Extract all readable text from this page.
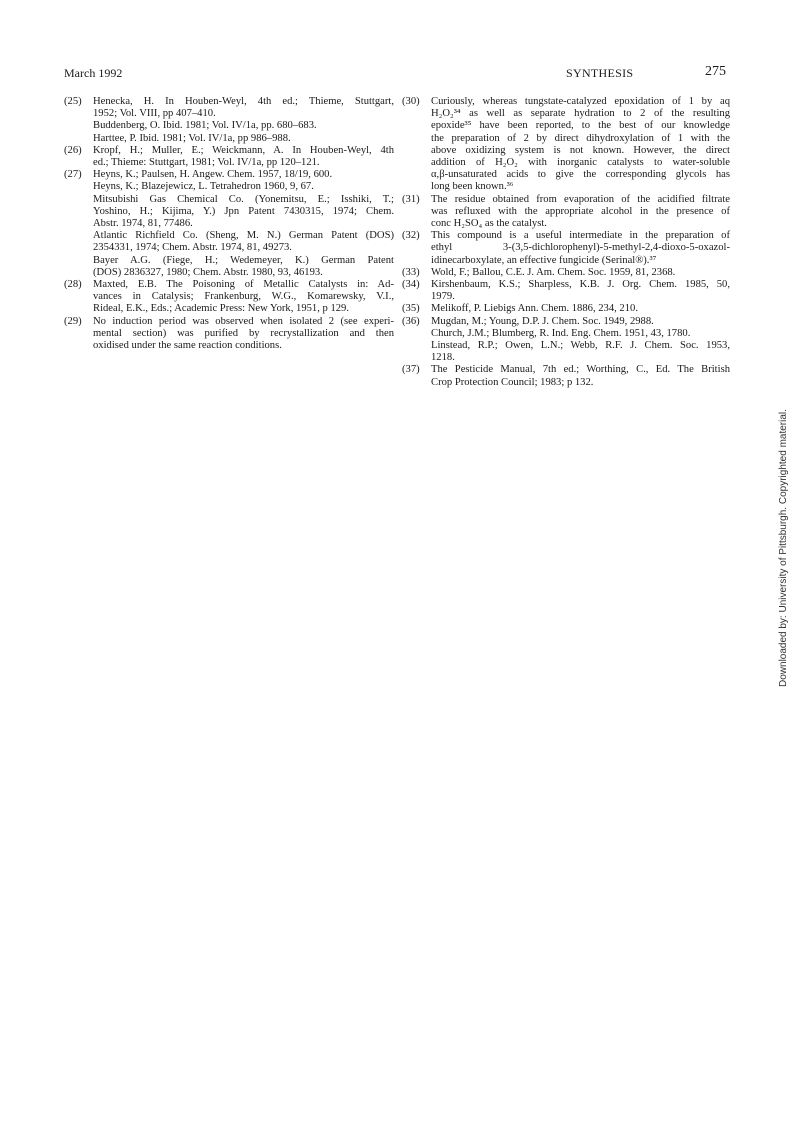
March 1992	SYNTHESIS	275
(25) Henecka, H. In Houben-Weyl, 4th ed.; Thieme, Stuttgart,
1952; Vol. VIII, pp 407–410.
Buddenberg, O. Ibid. 1981; Vol. IV/1a, pp. 680–683.
Harttee, P. Ibid. 1981; Vol. IV/1a, pp 986–988.
(26) Kropf, H.; Muller, E.; Weickmann, A. In Houben-Weyl, 4th
ed.; Thieme: Stuttgart, 1981; Vol. IV/1a, pp 120–121.
(27) Heyns, K.; Paulsen, H. Angew. Chem. 1957, 18/19, 600.
Heyns, K.; Blazejewicz, L. Tetrahedron 1960, 9, 67.
Mitsubishi Gas Chemical Co. (Yonemitsu, E.; Isshiki, T.;
Yoshino, H.; Kijima, Y.) Jpn Patent 7430315, 1974; Chem.
Abstr. 1974, 81, 77486.
Atlantic Richfield Co. (Sheng, M. N.) German Patent (DOS)
2354331, 1974; Chem. Abstr. 1974, 81, 49273.
Bayer A.G. (Fiege, H.; Wedemeyer, K.) German Patent
(DOS) 2836327, 1980; Chem. Abstr. 1980, 93, 46193.
(28) Maxted, E.B. The Poisoning of Metallic Catalysts in: Ad-
vances in Catalysis; Frankenburg, W.G., Komarewsky, V.I.,
Rideal, E.K., Eds.; Academic Press: New York, 1951, p 129.
(29) No induction period was observed when isolated 2 (see experi-
mental section) was purified by recrystallization and then
oxidised under the same reaction conditions.
(30) Curiously, whereas tungstate-catalyzed epoxidation of 1 by aq
H₂O₂³⁴ as well as separate hydration to 2 of the resulting
epoxide³⁵ have been reported, to the best of our knowledge
the preparation of 2 by direct dihydroxylation of 1 with the
above oxidizing system is not known. However, the direct
addition of H₂O₂ with inorganic catalysts to water-soluble
α,β-unsaturated acids to give the corresponding glycols has
long been known.³⁶
(31) The residue obtained from evaporation of the acidified filtrate
was refluxed with the appropriate alcohol in the presence of
conc H₂SO₄ as the catalyst.
(32) This compound is a useful intermediate in the preparation of
ethyl 3-(3,5-dichlorophenyl)-5-methyl-2,4-dioxo-5-oxazol-
idinecarboxylate, an effective fungicide (Serinal®).³⁷
(33) Wold, F.; Ballou, C.E. J. Am. Chem. Soc. 1959, 81, 2368.
(34) Kirshenbaum, K.S.; Sharpless, K.B. J. Org. Chem. 1985, 50,
1979.
(35) Melikoff, P. Liebigs Ann. Chem. 1886, 234, 210.
(36) Mugdan, M.; Young, D.P. J. Chem. Soc. 1949, 2988.
Church, J.M.; Blumberg, R. Ind. Eng. Chem. 1951, 43, 1780.
Linstead, R.P.; Owen, L.N.; Webb, R.F. J. Chem. Soc. 1953,
1218.
(37) The Pesticide Manual, 7th ed.; Worthing, C., Ed. The British
Crop Protection Council; 1983; p 132.
Downloaded by: University of Pittsburgh. Copyrighted material.
